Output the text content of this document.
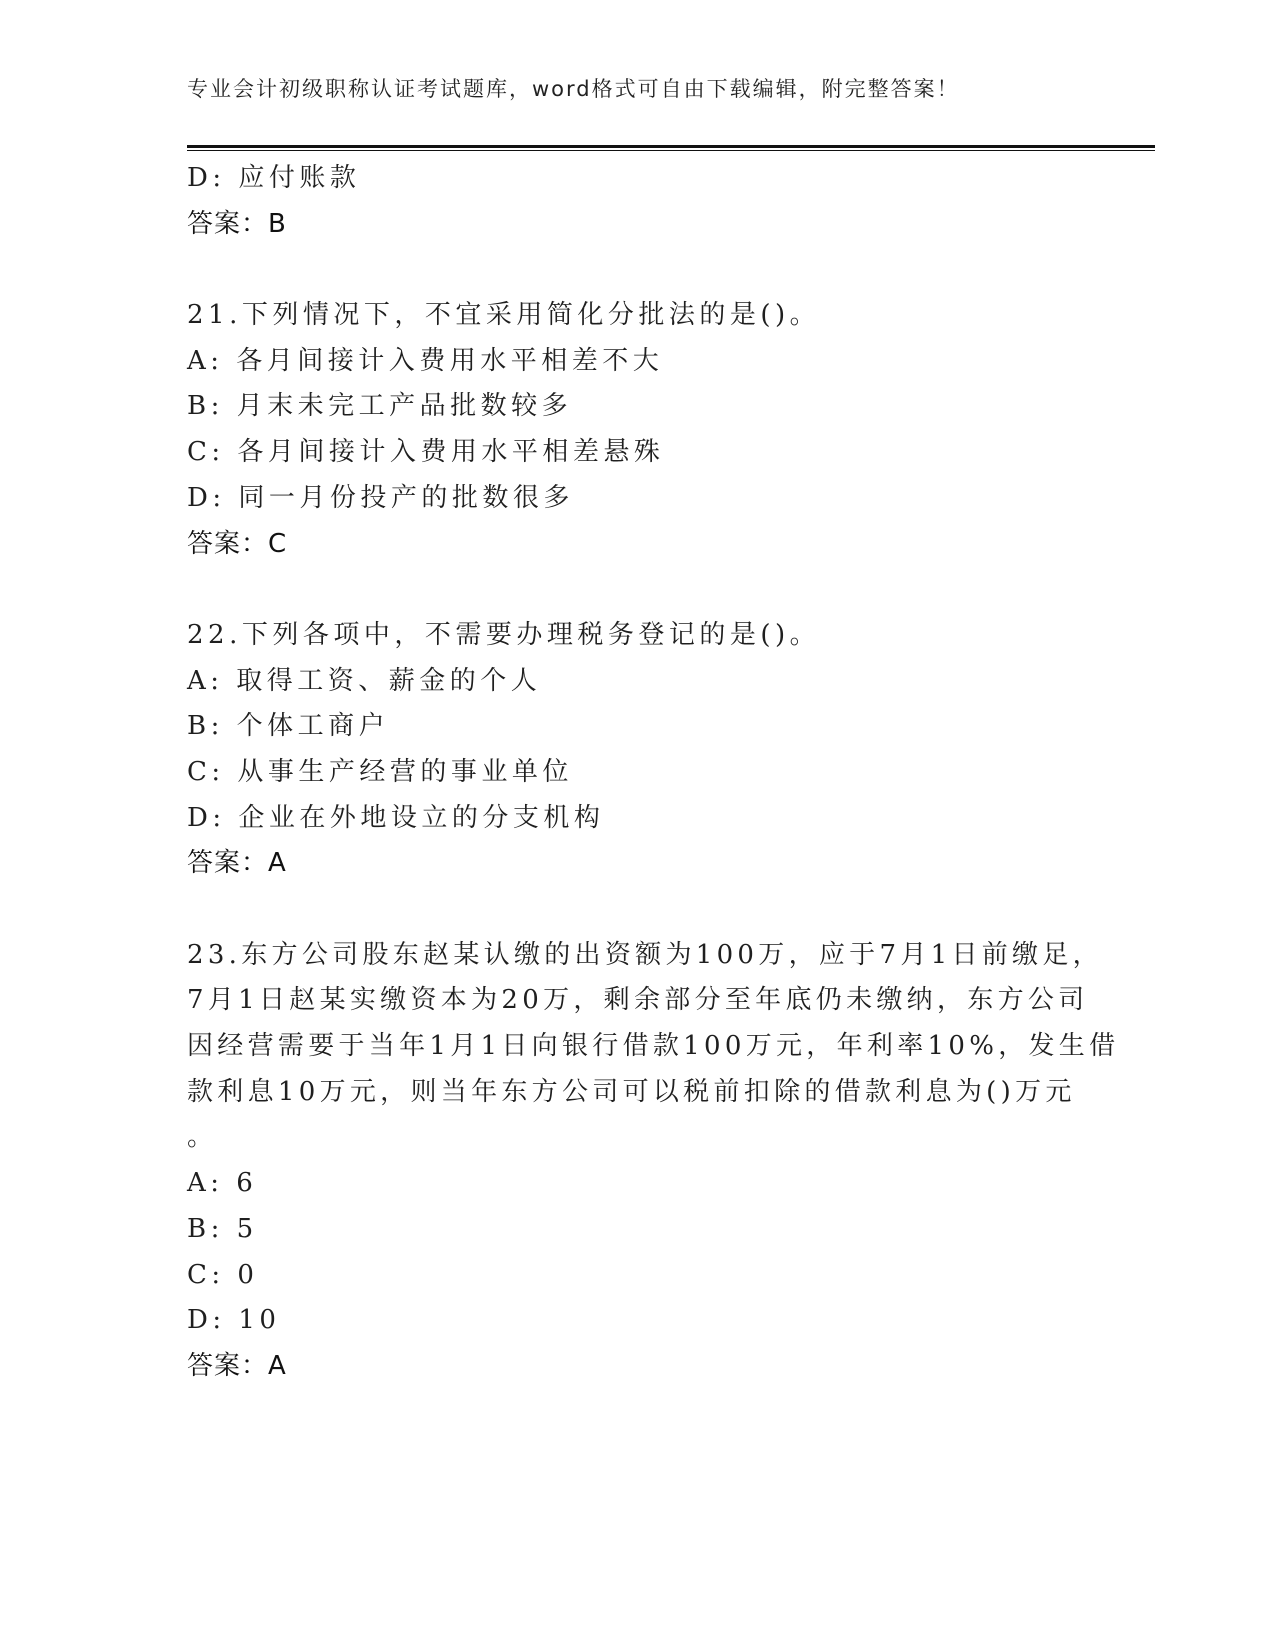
专业会计初级职称认证考试题库，word格式可自由下载编辑，附完整答案！
D: 应付账款
答案：B
21.下列情况下，不宜采用简化分批法的是()。
A: 各月间接计入费用水平相差不大
B: 月末未完工产品批数较多
C: 各月间接计入费用水平相差悬殊
D: 同一月份投产的批数很多
答案：C
22.下列各项中，不需要办理税务登记的是()。
A: 取得工资、薪金的个人
B: 个体工商户
C: 从事生产经营的事业单位
D: 企业在外地设立的分支机构
答案：A
23.东方公司股东赵某认缴的出资额为100万，应于7月1日前缴足，
7月1日赵某实缴资本为20万，剩余部分至年底仍未缴纳，东方公司
因经营需要于当年1月1日向银行借款100万元，年利率10%，发生借
款利息10万元，则当年东方公司可以税前扣除的借款利息为()万元
。
A: 6
B: 5
C: 0
D: 10
答案：A
